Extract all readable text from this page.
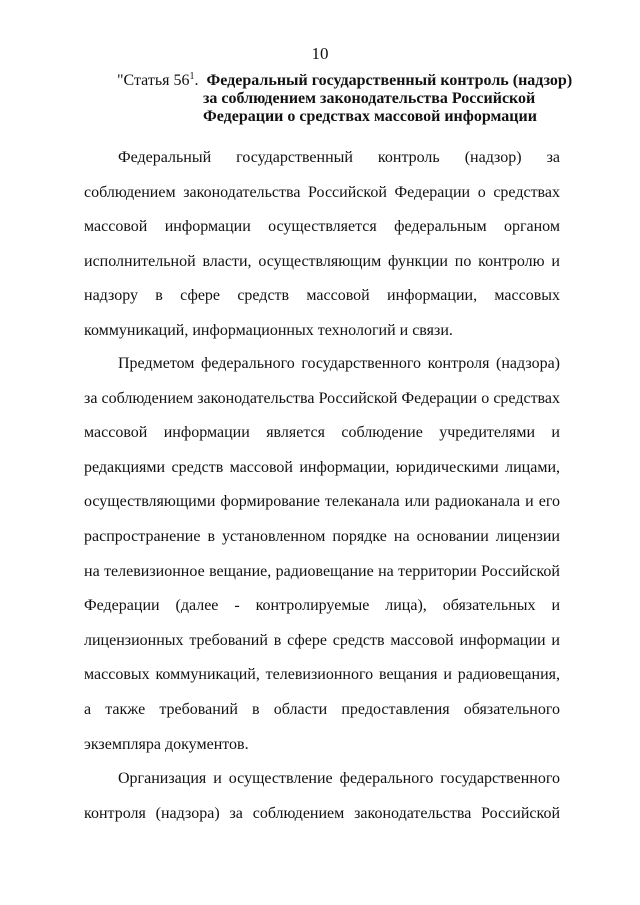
10
"Статья $56^1$. Федеральный государственный контроль (надзор)
за соблюдением законодательства Российской
Федерации о средствах массовой информации

Федеральный государственный контроль (надзор) за соблюдением законодательства Российской Федерации о средствах массовой информации осуществляется федеральным органом исполнительной власти, осуществляющим функции по контролю и надзору в сфере средств массовой информации, массовых коммуникаций, информационных технологий и связи.

Предметом федерального государственного контроля (надзора) за соблюдением законодательства Российской Федерации о средствах массовой информации является соблюдение учредителями и редакциями средств массовой информации, юридическими лицами, осуществляющими формирование телеканала или радиоканала и его распространение в установленном порядке на основании лицензии на телевизионное вещание, радиовещание на территории Российской Федерации (далее - контролируемые лица), обязательных и лицензионных требований в сфере средств массовой информации и массовых коммуникаций, телевизионного вещания и радиовещания, а также требований в области предоставления обязательного экземпляра документов.

Организация и осуществление федерального государственного контроля (надзора) за соблюдением законодательства Российской
